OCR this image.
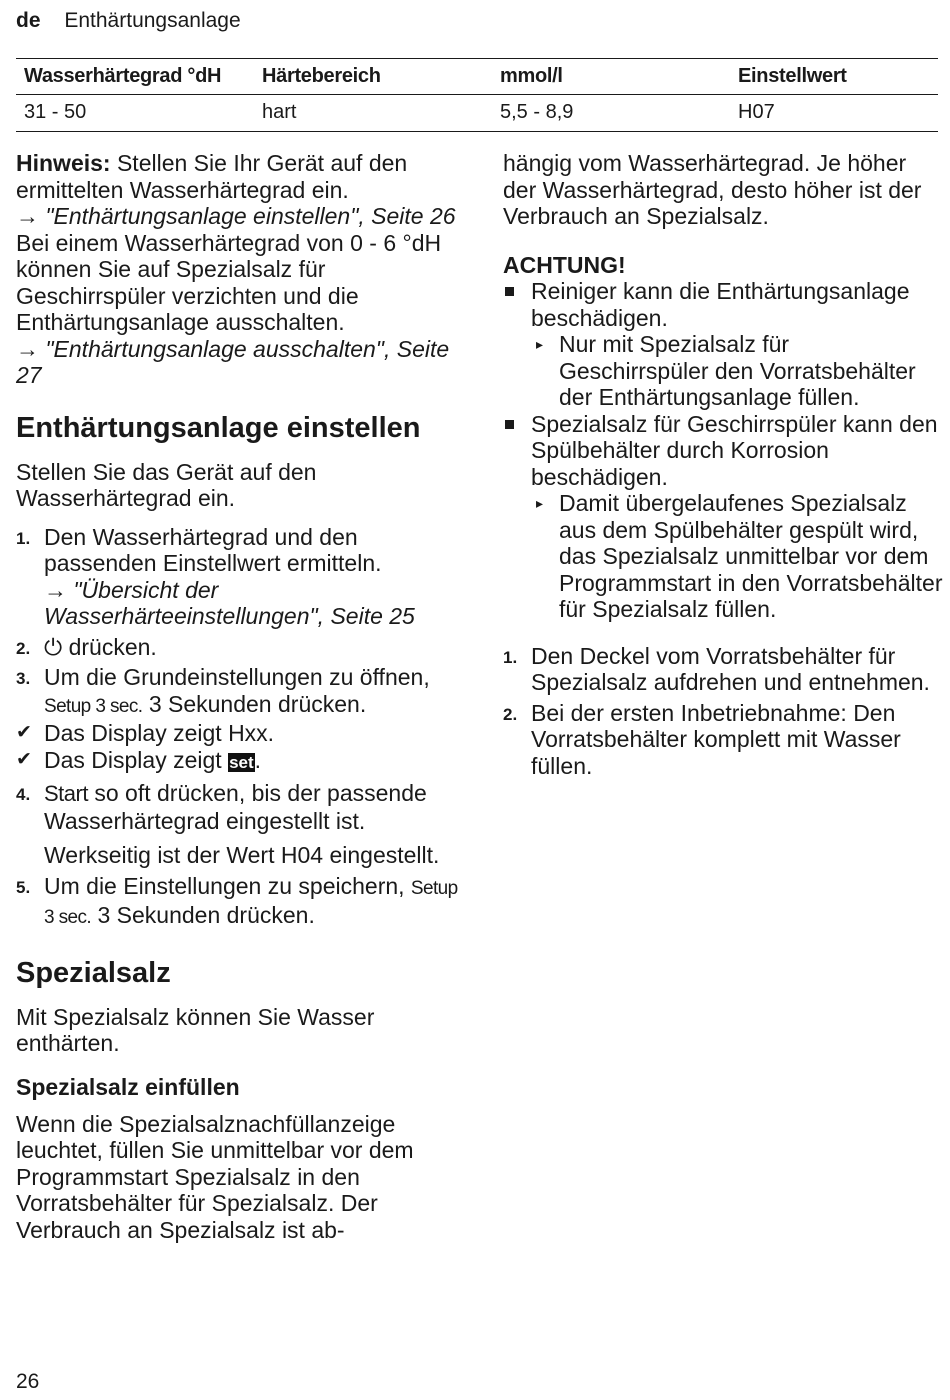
de Enthärtungsanlage
Wasserhärtegrad °dH	Härtebereich	mmol/l	Einstellwert
31 - 50	hart	5,5 - 8,9	H07

Hinweis: Stellen Sie Ihr Gerät auf den ermittelten Wasserhärtegrad ein.

→ "Enthärtungsanlage einstellen", Seite 26

Bei einem Wasserhärtegrad von 0 - 6 °dH können Sie auf Spezialsalz für Geschirrspüler verzichten und die Enthärtungsanlage ausschalten.

→ "Enthärtungsanlage ausschalten", Seite 27

Enthärtungsanlage einstellen

Stellen Sie das Gerät auf den Wasserhärtegrad ein.

1. Den Wasserhärtegrad und den passenden Einstellwert ermitteln.
→ "Übersicht der Wasserhärteeinstellungen", Seite 25
2. ⏻ drücken.
3. Um die Grundeinstellungen zu öffnen, Setup 3 sec. 3 Sekunden drücken.
✔ Das Display zeigt Hxx.
✔ Das Display zeigt set.
4. Start so oft drücken, bis der passende Wasserhärtegrad eingestellt ist.

Werkseitig ist der Wert H04 eingestellt.

5. Um die Einstellungen zu speichern, Setup 3 sec. 3 Sekunden drücken.
Spezialsalz

Mit Spezialsalz können Sie Wasser enthärten.

Spezialsalz einfüllen

Wenn die Spezialsalznachfüllanzeige leuchtet, füllen Sie unmittelbar vor dem Programmstart Spezialsalz in den Vorratsbehälter für Spezialsalz. Der Verbrauch an Spezialsalz ist ab-

hängig vom Wasserhärtegrad. Je höher der Wasserhärtegrad, desto höher ist der Verbrauch an Spezialsalz.

ACHTUNG!

Reiniger kann die Enthärtungsanlage beschädigen.
▸ Nur mit Spezialsalz für Geschirrspüler den Vorratsbehälter der Enthärtungsanlage füllen.
Spezialsalz für Geschirrspüler kann den Spülbehälter durch Korrosion beschädigen.
▸ Damit übergelaufenes Spezialsalz aus dem Spülbehälter gespült wird, das Spezialsalz unmittelbar vor dem Programmstart in den Vorratsbehälter für Spezialsalz füllen.
1. Den Deckel vom Vorratsbehälter für Spezialsalz aufdrehen und entnehmen.
2. Bei der ersten Inbetriebnahme: Den Vorratsbehälter komplett mit Wasser füllen.
26
